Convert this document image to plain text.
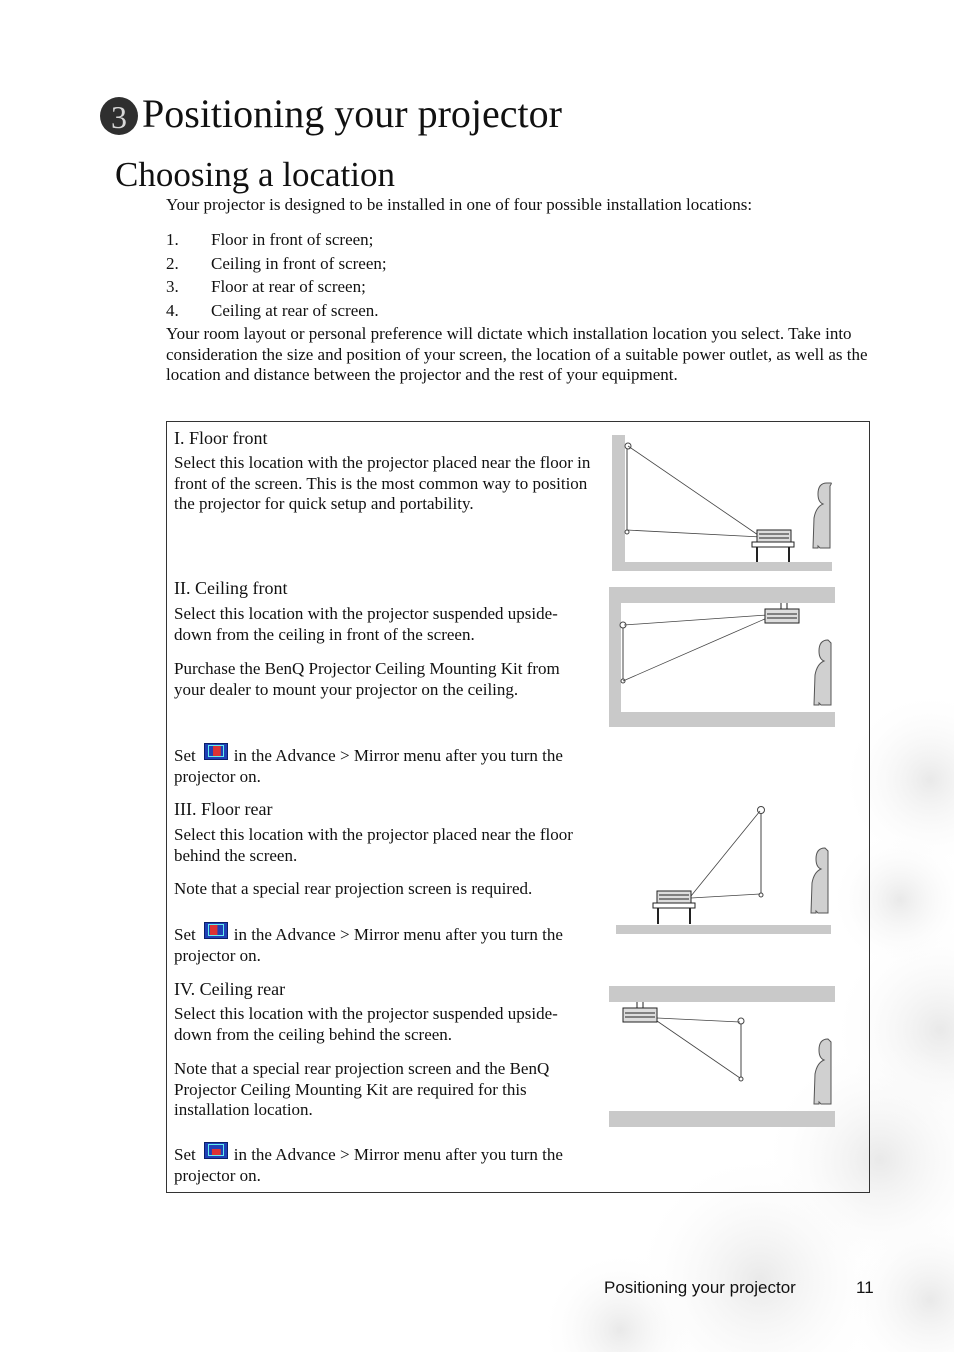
3 Positioning your projector
Choosing a location

Your projector is designed to be installed in one of four possible installation locations:

1. Floor in front of screen;
2. Ceiling in front of screen;
3. Floor at rear of screen;
4. Ceiling at rear of screen.

Your room layout or personal preference will dictate which installation location you select. Take into consideration the size and position of your screen, the location of a suitable power outlet, as well as the location and distance between the projector and the rest of your equipment.

I. Floor front

Select this location with the projector placed near the floor in front of the screen. This is the most common way to position the projector for quick setup and portability.

II. Ceiling front

Select this location with the projector suspended upside-down from the ceiling in front of the screen.

Purchase the BenQ Projector Ceiling Mounting Kit from your dealer to mount your projector on the ceiling.

Set in the Advance > Mirror menu after you turn the projector on.

III. Floor rear

Select this location with the projector placed near the floor behind the screen.

Note that a special rear projection screen is required.

Set in the Advance > Mirror menu after you turn the projector on.

IV. Ceiling rear

Select this location with the projector suspended upside-down from the ceiling behind the screen.

Note that a special rear projection screen and the BenQ Projector Ceiling Mounting Kit are required for this installation location.

Set in the Advance > Mirror menu after you turn the projector on.

Positioning your projector	11
